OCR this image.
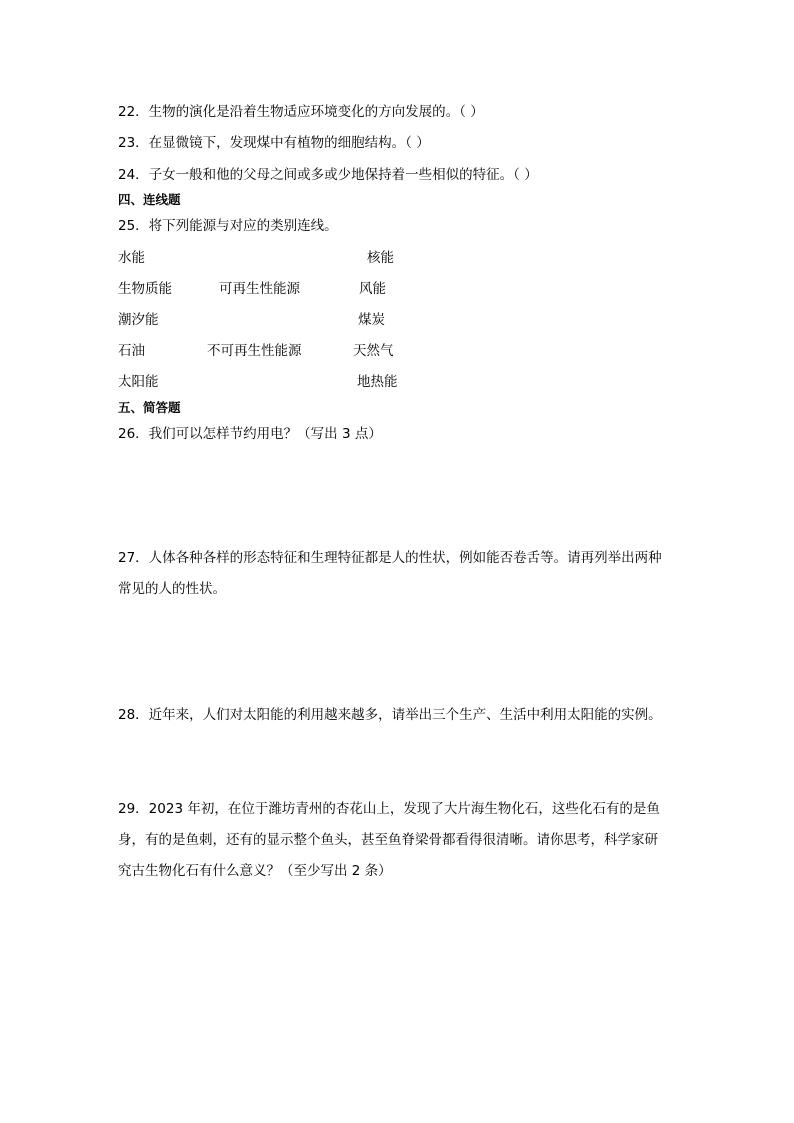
22．生物的演化是沿着生物适应环境变化的方向发展的。（ ）
23．在显微镜下，发现煤中有植物的细胞结构。（ ）
24．子女一般和他的父母之间或多或少地保持着一些相似的特征。（ ）
四、连线题
25．将下列能源与对应的类别连线。
水能
生物质能
潮汐能
石油
太阳能
可再生性能源
不可再生性能源
核能
风能
煤炭
天然气
地热能
五、简答题
26．我们可以怎样节约用电？（写出 3 点）
27．人体各种各样的形态特征和生理特征都是人的性状，例如能否卷舌等。请再列举出两种
常见的人的性状。
28．近年来，人们对太阳能的利用越来越多，请举出三个生产、生活中利用太阳能的实例。
29．2023 年初，在位于潍坊青州的杏花山上，发现了大片海生物化石，这些化石有的是鱼
身，有的是鱼刺，还有的显示整个鱼头，甚至鱼脊梁骨都看得很清晰。请你思考，科学家研
究古生物化石有什么意义？（至少写出 2 条）
